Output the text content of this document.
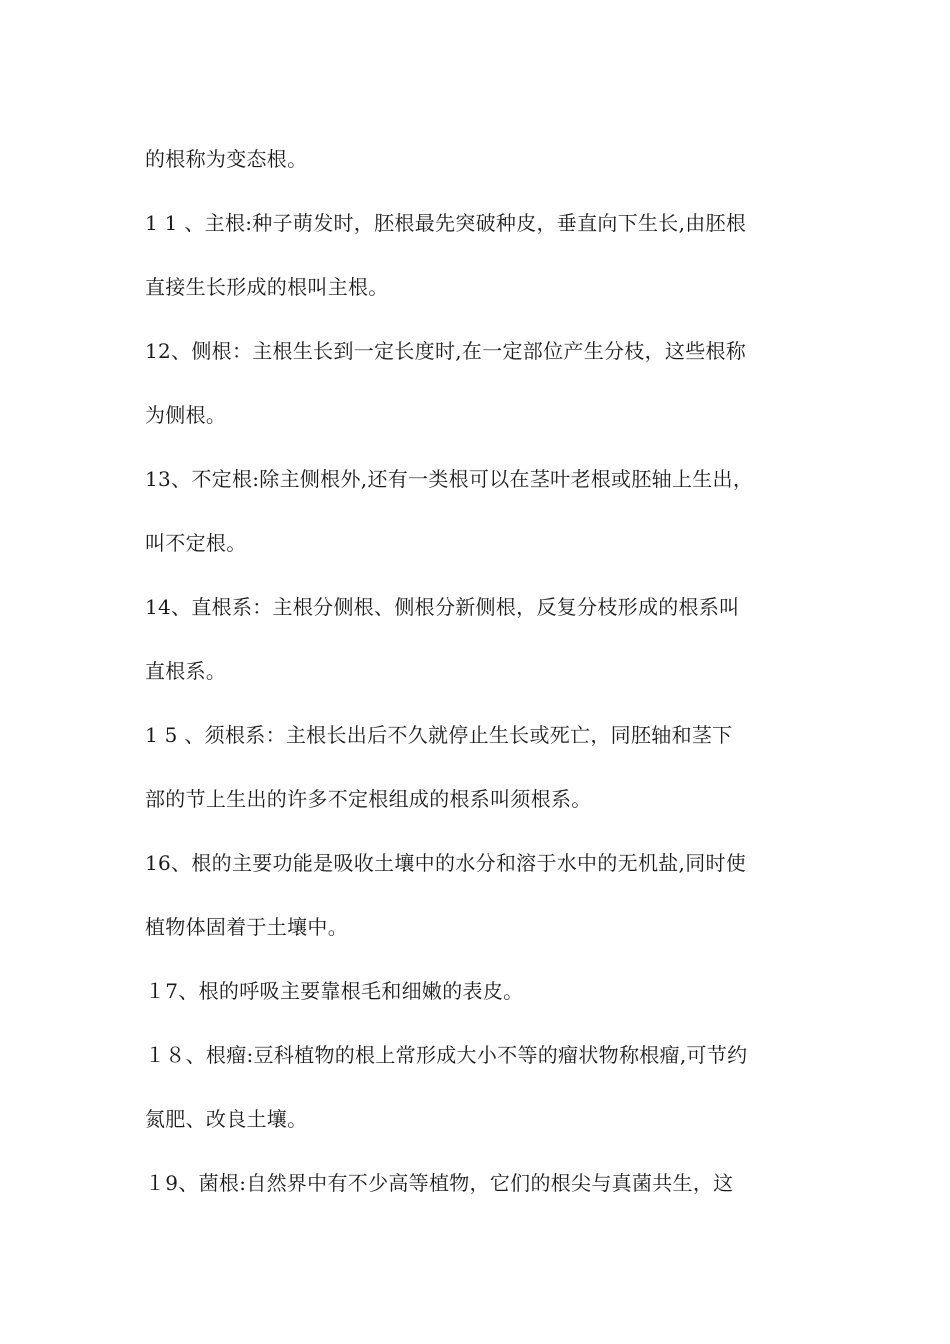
的根称为变态根。
1 1 、主根:种子萌发时，胚根最先突破种皮，垂直向下生长,由胚根
直接生长形成的根叫主根。
12、侧根：主根生长到一定长度时,在一定部位产生分枝，这些根称
为侧根。
13、不定根:除主侧根外,还有一类根可以在茎叶老根或胚轴上生出，
叫不定根。
14、直根系：主根分侧根、侧根分新侧根，反复分枝形成的根系叫
直根系。
1 5 、须根系：主根长出后不久就停止生长或死亡，同胚轴和茎下
部的节上生出的许多不定根组成的根系叫须根系。
16、根的主要功能是吸收土壤中的水分和溶于水中的无机盐,同时使
植物体固着于土壤中。
１7、根的呼吸主要靠根毛和细嫩的表皮。
１８、根瘤:豆科植物的根上常形成大小不等的瘤状物称根瘤,可节约
氮肥、改良土壤。
１9、菌根:自然界中有不少高等植物，它们的根尖与真菌共生，这
